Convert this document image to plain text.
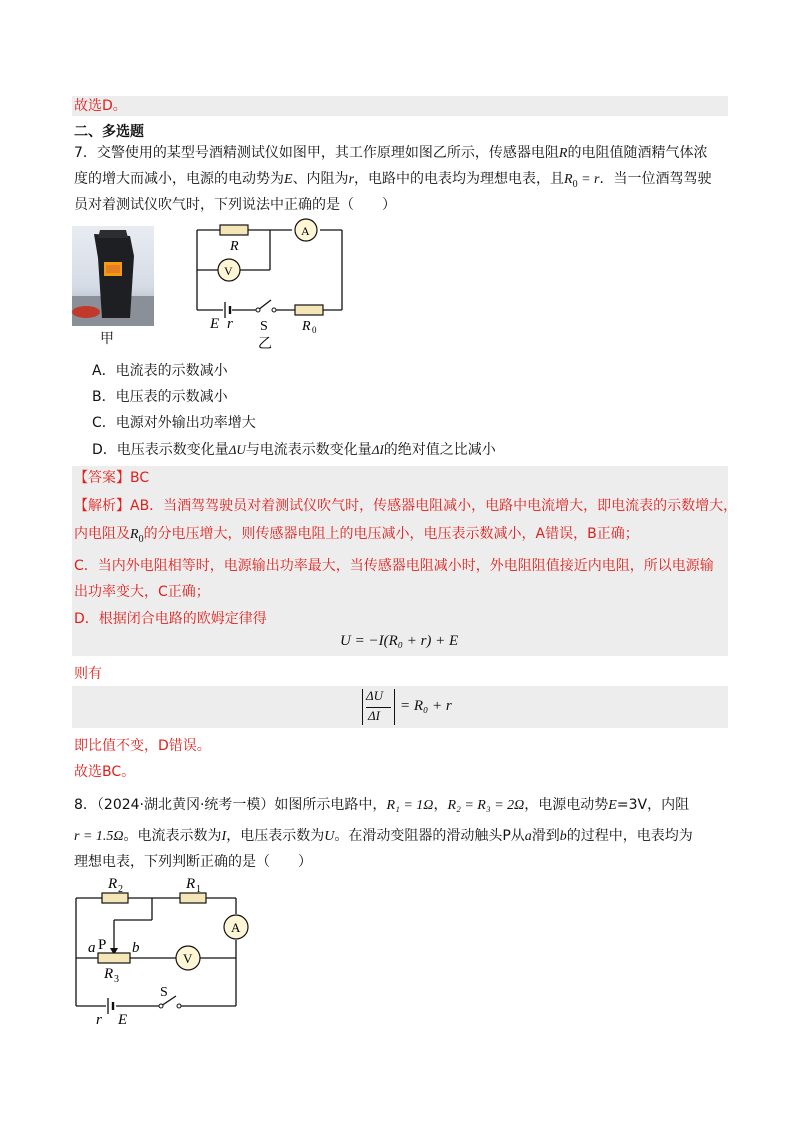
故选D。
二、多选题
7．交警使用的某型号酒精测试仪如图甲，其工作原理如图乙所示，传感器电阻R的电阻值随酒精气体浓
度的增大而减小，电源的电动势为E、内阻为r，电路中的电表均为理想电表，且$R_0 = r$．当一位酒驾驾驶
员对着测试仪吹气时，下列说法中正确的是（　　）
甲
R
A
V
E r S R 0
乙
A．电流表的示数减小
B．电压表的示数减小
C．电源对外输出功率增大
D．电压表示数变化量ΔU与电流表示数变化量ΔI的绝对值之比减小
【答案】BC
【解析】AB．当酒驾驾驶员对着测试仪吹气时，传感器电阻减小，电路中电流增大，即电流表的示数增大，
内电阻及$R_0$的分电压增大，则传感器电阻上的电压减小，电压表示数减小，A错误，B正确；
C．当内外电阻相等时，电源输出功率最大，当传感器电阻减小时，外电阻阻值接近内电阻，所以电源输
出功率变大，C正确；
D．根据闭合电路的欧姆定律得
U = −I(R₀ + r) + E
则有
ΔU
ΔI
= R₀ + r
即比值不变，D错误。
故选BC。
8．（2024·湖北黄冈·统考一模）如图所示电路中，R₁ = 1Ω，R₂ = R₃ = 2Ω，电源电动势E=3V，内阻
r = 1.5Ω。电流表示数为I，电压表示数为U。在滑动变阻器的滑动触头P从a滑到b的过程中，电表均为
理想电表，下列判断正确的是（　　）
R 2	R 1
A
V
P
a b
R 3
S
r E
